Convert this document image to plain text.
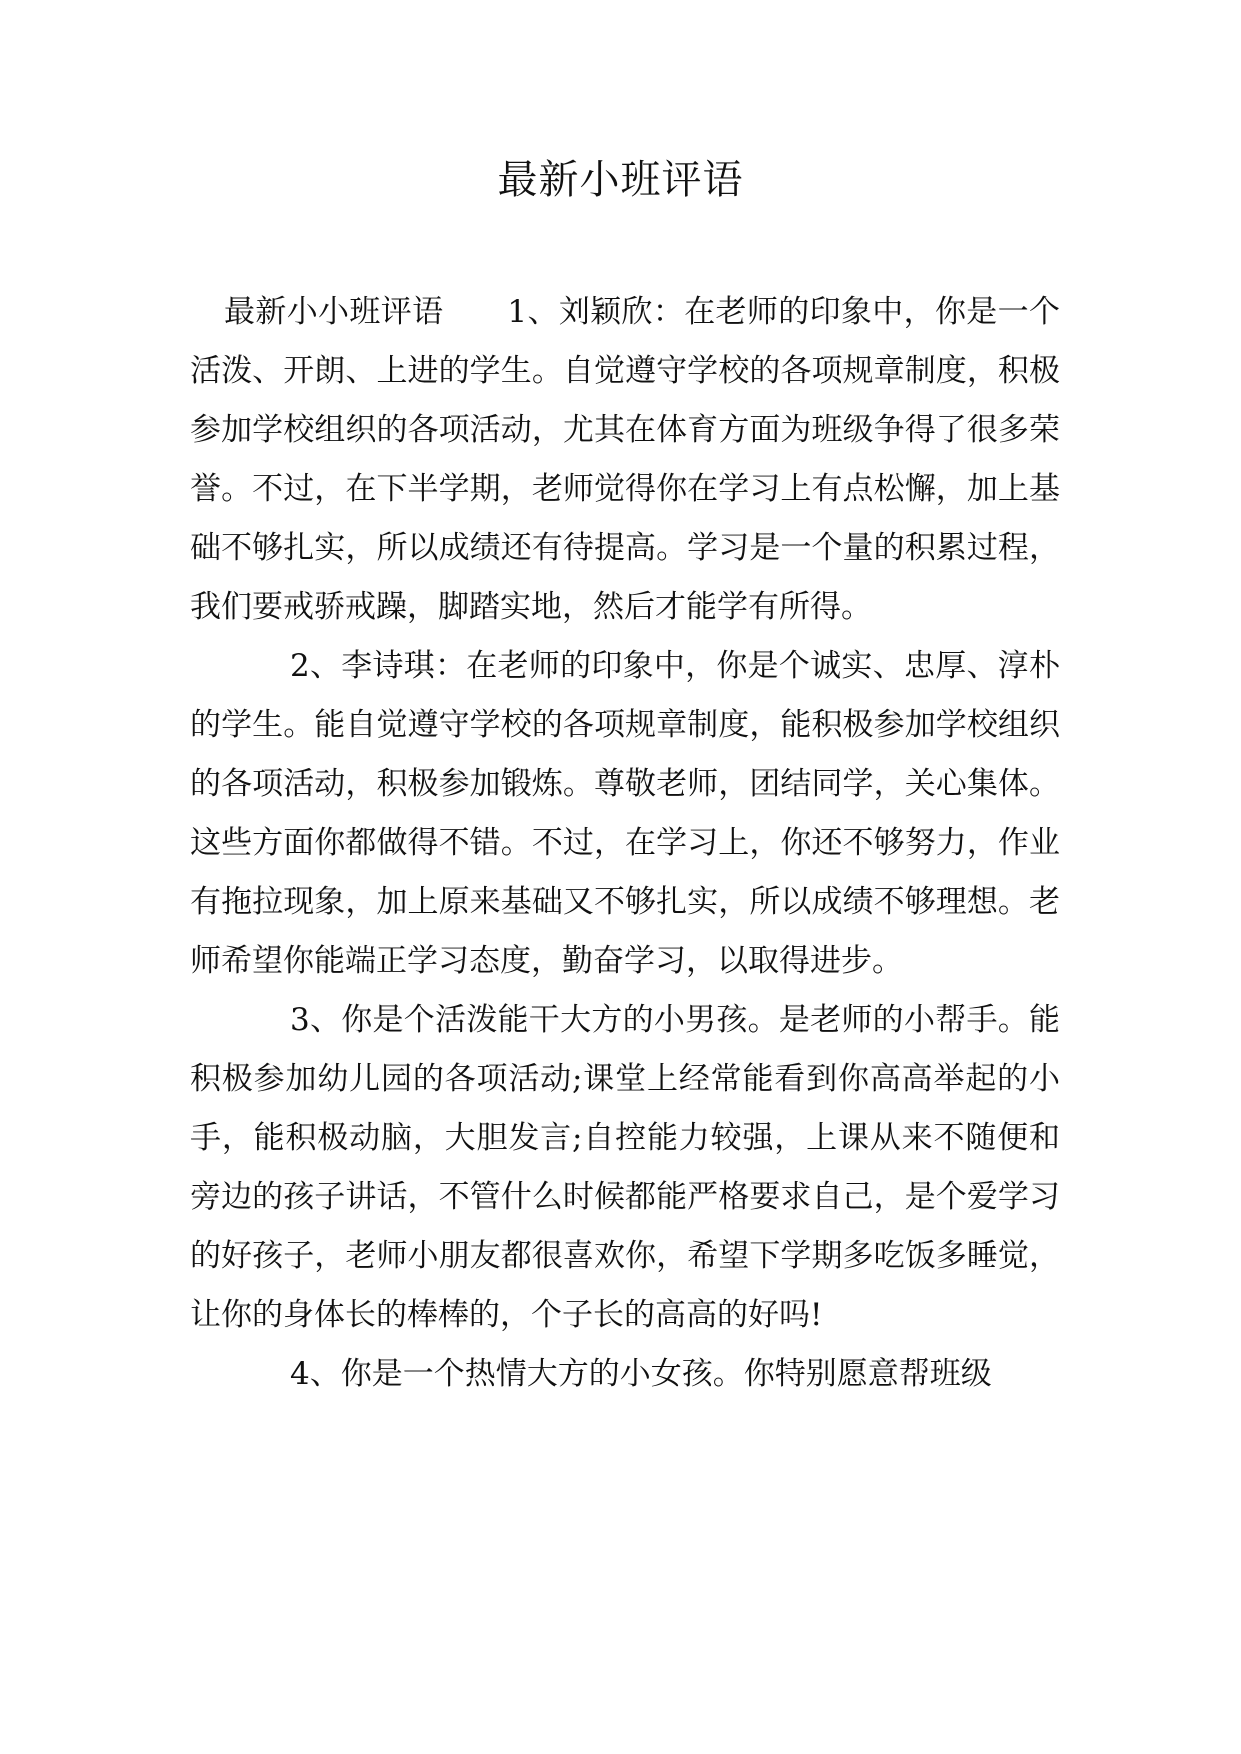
最新小班评语

最新小小班评语 1、刘颖欣：在老师的印象中，你是一个活泼、开朗、上进的学生。自觉遵守学校的各项规章制度，积极参加学校组织的各项活动，尤其在体育方面为班级争得了很多荣誉。不过，在下半学期，老师觉得你在学习上有点松懈，加上基础不够扎实，所以成绩还有待提高。学习是一个量的积累过程，我们要戒骄戒躁，脚踏实地，然后才能学有所得。

2、李诗琪：在老师的印象中，你是个诚实、忠厚、淳朴的学生。能自觉遵守学校的各项规章制度，能积极参加学校组织的各项活动，积极参加锻炼。尊敬老师，团结同学，关心集体。这些方面你都做得不错。不过，在学习上，你还不够努力，作业有拖拉现象，加上原来基础又不够扎实，所以成绩不够理想。老师希望你能端正学习态度，勤奋学习，以取得进步。

3、你是个活泼能干大方的小男孩。是老师的小帮手。能积极参加幼儿园的各项活动;课堂上经常能看到你高高举起的小手，能积极动脑，大胆发言;自控能力较强，上课从来不随便和旁边的孩子讲话，不管什么时候都能严格要求自己，是个爱学习的好孩子，老师小朋友都很喜欢你，希望下学期多吃饭多睡觉，让你的身体长的棒棒的，个子长的高高的好吗!

4、你是一个热情大方的小女孩。你特别愿意帮班级
